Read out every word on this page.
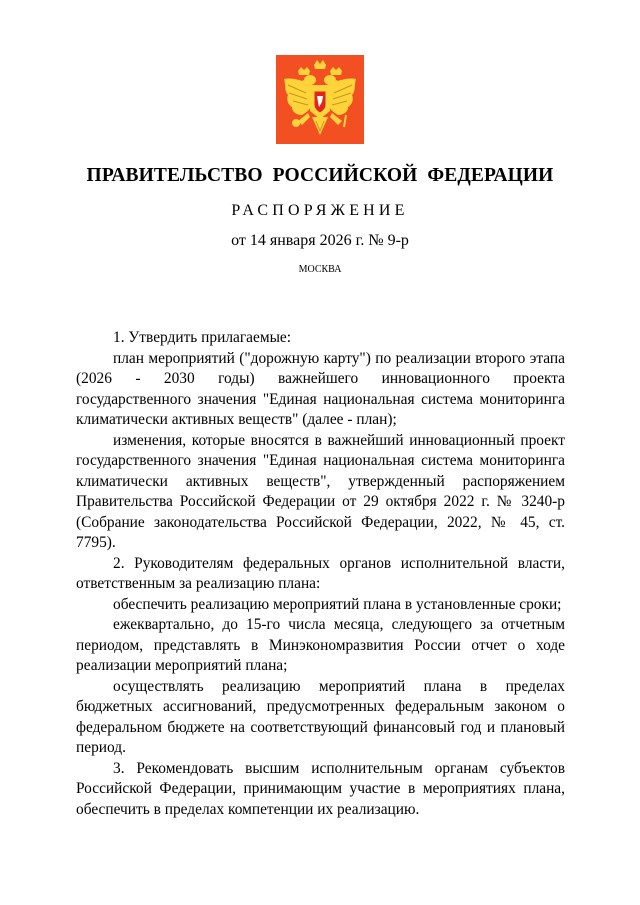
ПРАВИТЕЛЬСТВО РОССИЙСКОЙ ФЕДЕРАЦИИ
РАСПОРЯЖЕНИЕ
от 14 января 2026 г. № 9-р
МОСКВА

1. Утвердить прилагаемые:

план мероприятий ("дорожную карту") по реализации второго этапа (2026 - 2030 годы) важнейшего инновационного проекта государственного значения "Единая национальная система мониторинга климатически активных веществ" (далее - план);

изменения, которые вносятся в важнейший инновационный проект государственного значения "Единая национальная система мониторинга климатически активных веществ", утвержденный распоряжением Правительства Российской Федерации от 29 октября 2022 г. № 3240-р (Собрание законодательства Российской Федерации, 2022, № 45, ст. 7795).

2. Руководителям федеральных органов исполнительной власти, ответственным за реализацию плана:

обеспечить реализацию мероприятий плана в установленные сроки;

ежеквартально, до 15-го числа месяца, следующего за отчетным периодом, представлять в Минэкономразвития России отчет о ходе реализации мероприятий плана;

осуществлять реализацию мероприятий плана в пределах бюджетных ассигнований, предусмотренных федеральным законом о федеральном бюджете на соответствующий финансовый год и плановый период.

3. Рекомендовать высшим исполнительным органам субъектов Российской Федерации, принимающим участие в мероприятиях плана, обеспечить в пределах компетенции их реализацию.
